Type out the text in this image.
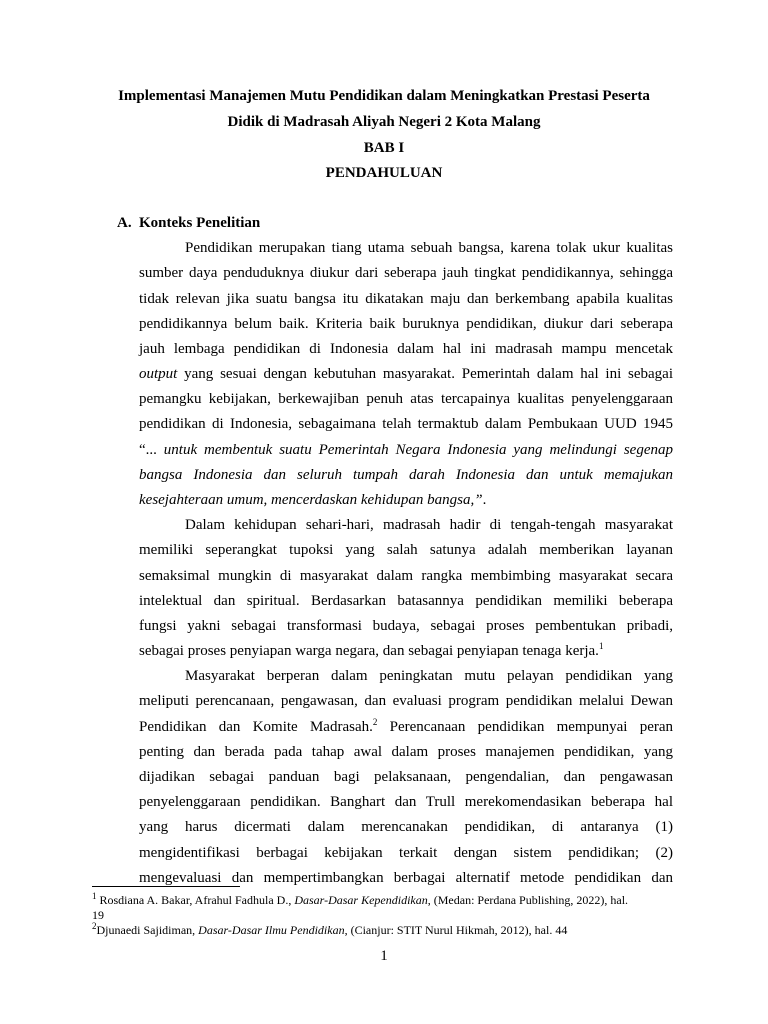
Implementasi Manajemen Mutu Pendidikan dalam Meningkatkan Prestasi Peserta
Didik di Madrasah Aliyah Negeri 2 Kota Malang
BAB I
PENDAHULUAN
A. Konteks Penelitian
Pendidikan merupakan tiang utama sebuah bangsa, karena tolak ukur kualitas
sumber daya penduduknya diukur dari seberapa jauh tingkat pendidikannya, sehingga
tidak relevan jika suatu bangsa itu dikatakan maju dan berkembang apabila kualitas
pendidikannya belum baik. Kriteria baik buruknya pendidikan, diukur dari seberapa
jauh lembaga pendidikan di Indonesia dalam hal ini madrasah mampu mencetak
output yang sesuai dengan kebutuhan masyarakat. Pemerintah dalam hal ini sebagai
pemangku kebijakan, berkewajiban penuh atas tercapainya kualitas penyelenggaraan
pendidikan di Indonesia, sebagaimana telah termaktub dalam Pembukaan UUD 1945
“... untuk membentuk suatu Pemerintah Negara Indonesia yang melindungi segenap
bangsa Indonesia dan seluruh tumpah darah Indonesia dan untuk memajukan
kesejahteraan umum, mencerdaskan kehidupan bangsa,”.
Dalam kehidupan sehari-hari, madrasah hadir di tengah-tengah masyarakat
memiliki seperangkat tupoksi yang salah satunya adalah memberikan layanan
semaksimal mungkin di masyarakat dalam rangka membimbing masyarakat secara
intelektual dan spiritual. Berdasarkan batasannya pendidikan memiliki beberapa
fungsi yakni sebagai transformasi budaya, sebagai proses pembentukan pribadi,
sebagai proses penyiapan warga negara, dan sebagai penyiapan tenaga kerja.$^1$
Masyarakat berperan dalam peningkatan mutu pelayan pendidikan yang
meliputi perencanaan, pengawasan, dan evaluasi program pendidikan melalui Dewan
Pendidikan dan Komite Madrasah.$^2$ Perencanaan pendidikan mempunyai peran
penting dan berada pada tahap awal dalam proses manajemen pendidikan, yang
dijadikan sebagai panduan bagi pelaksanaan, pengendalian, dan pengawasan
penyelenggaraan pendidikan. Banghart dan Trull merekomendasikan beberapa hal
yang harus dicermati dalam merencanakan pendidikan, di antaranya (1)
mengidentifikasi berbagai kebijakan terkait dengan sistem pendidikan; (2)
mengevaluasi dan mempertimbangkan berbagai alternatif metode pendidikan dan
$^1$ Rosdiana A. Bakar, Afrahul Fadhula D., Dasar-Dasar Kependidikan, (Medan: Perdana Publishing, 2022), hal.
19
$^2$Djunaedi Sajidiman, Dasar-Dasar Ilmu Pendidikan, (Cianjur: STIT Nurul Hikmah, 2012), hal. 44
1
